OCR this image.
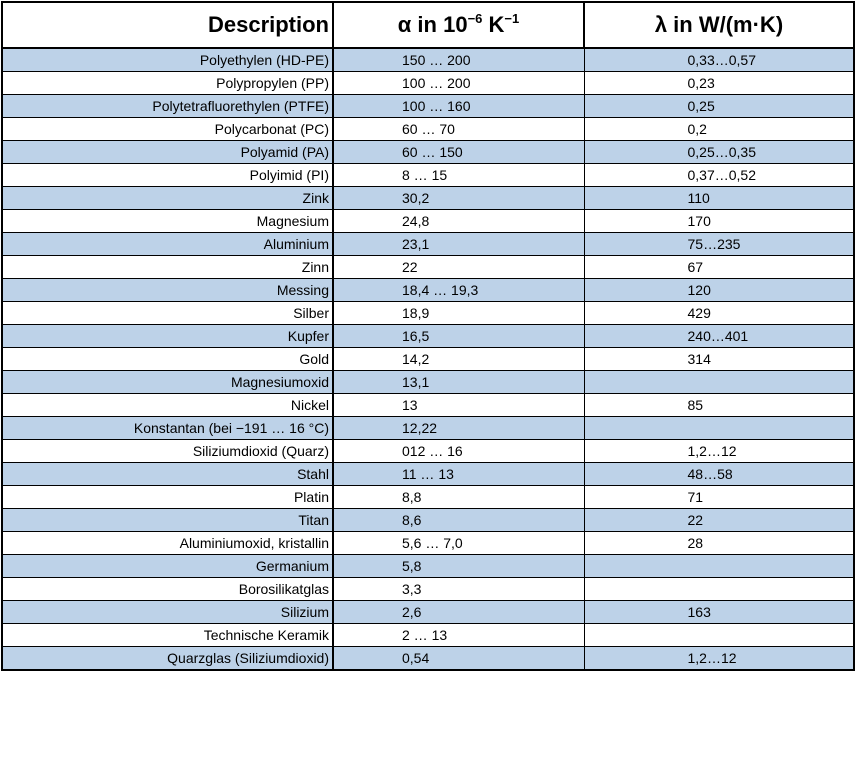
Description	α in $10^{-6}$ $K^{-1}$	λ in W/(m·K)
Polyethylen (HD-PE)	150 … 200	0,33…0,57
Polypropylen (PP)	100 … 200	0,23
Polytetrafluorethylen (PTFE)	100 … 160	0,25
Polycarbonat (PC)	60 … 70	0,2
Polyamid (PA)	60 … 150	0,25…0,35
Polyimid (PI)	8 … 15	0,37…0,52
Zink	30,2	110
Magnesium	24,8	170
Aluminium	23,1	75…235
Zinn	22	67
Messing	18,4 … 19,3	120
Silber	18,9	429
Kupfer	16,5	240…401
Gold	14,2	314
Magnesiumoxid	13,1	
Nickel	13	85
Konstantan (bei −191 … 16 °C)	12,22	
Siliziumdioxid (Quarz)	012 … 16	1,2…12
Stahl	11 … 13	48…58
Platin	8,8	71
Titan	8,6	22
Aluminiumoxid, kristallin	5,6 … 7,0	28
Germanium	5,8	
Borosilikatglas	3,3	
Silizium	2,6	163
Technische Keramik	2 … 13	
Quarzglas (Siliziumdioxid)	0,54	1,2…12
